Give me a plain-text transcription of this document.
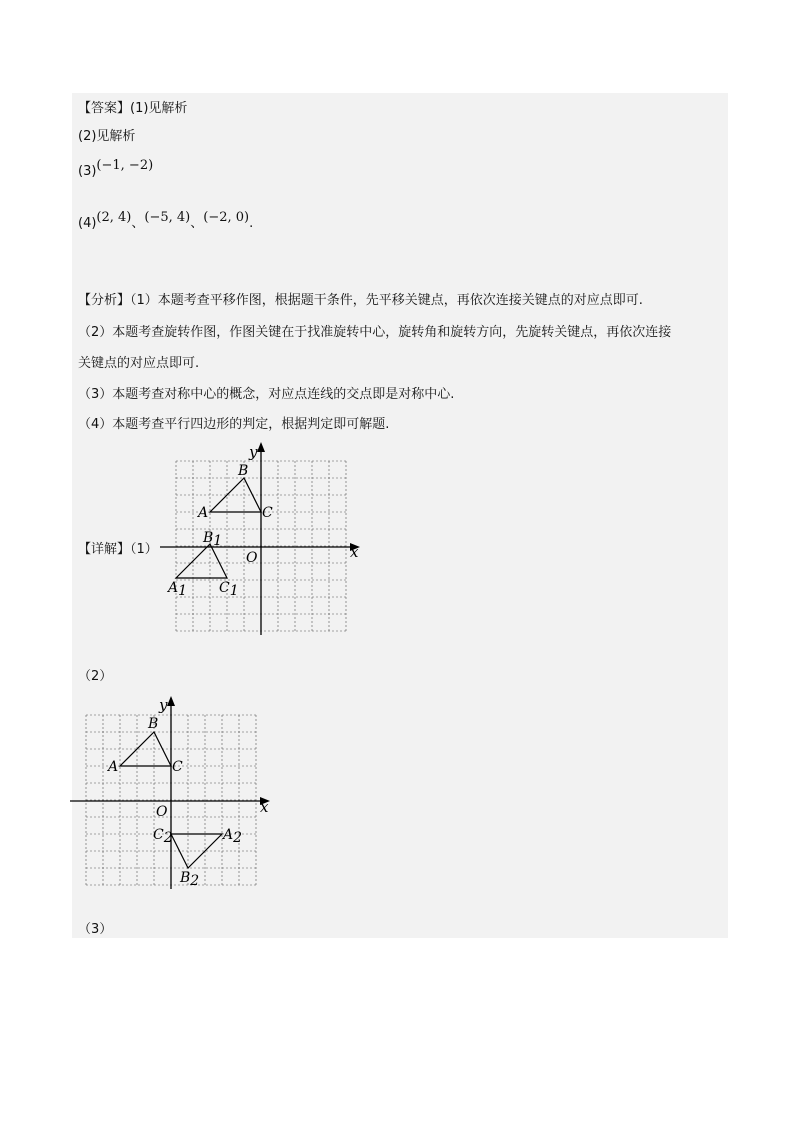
【答案】(1)见解析
(2)见解析
(3)(−1, −2)
(4)(2, 4)、(−5, 4)、(−2, 0).
【分析】（1）本题考查平移作图，根据题干条件，先平移关键点，再依次连接关键点的对应点即可.
（2）本题考查旋转作图，作图关键在于找准旋转中心，旋转角和旋转方向，先旋转关键点，再依次连接
关键点的对应点即可.
（3）本题考查对称中心的概念，对应点连线的交点即是对称中心.
（4）本题考查平行四边形的判定，根据判定即可解题.
【详解】（1）
y
x
O
A
B
C
A1
B1
C1
（2）
y
x
O
A
B
C
C2	A2
B2
（3）
